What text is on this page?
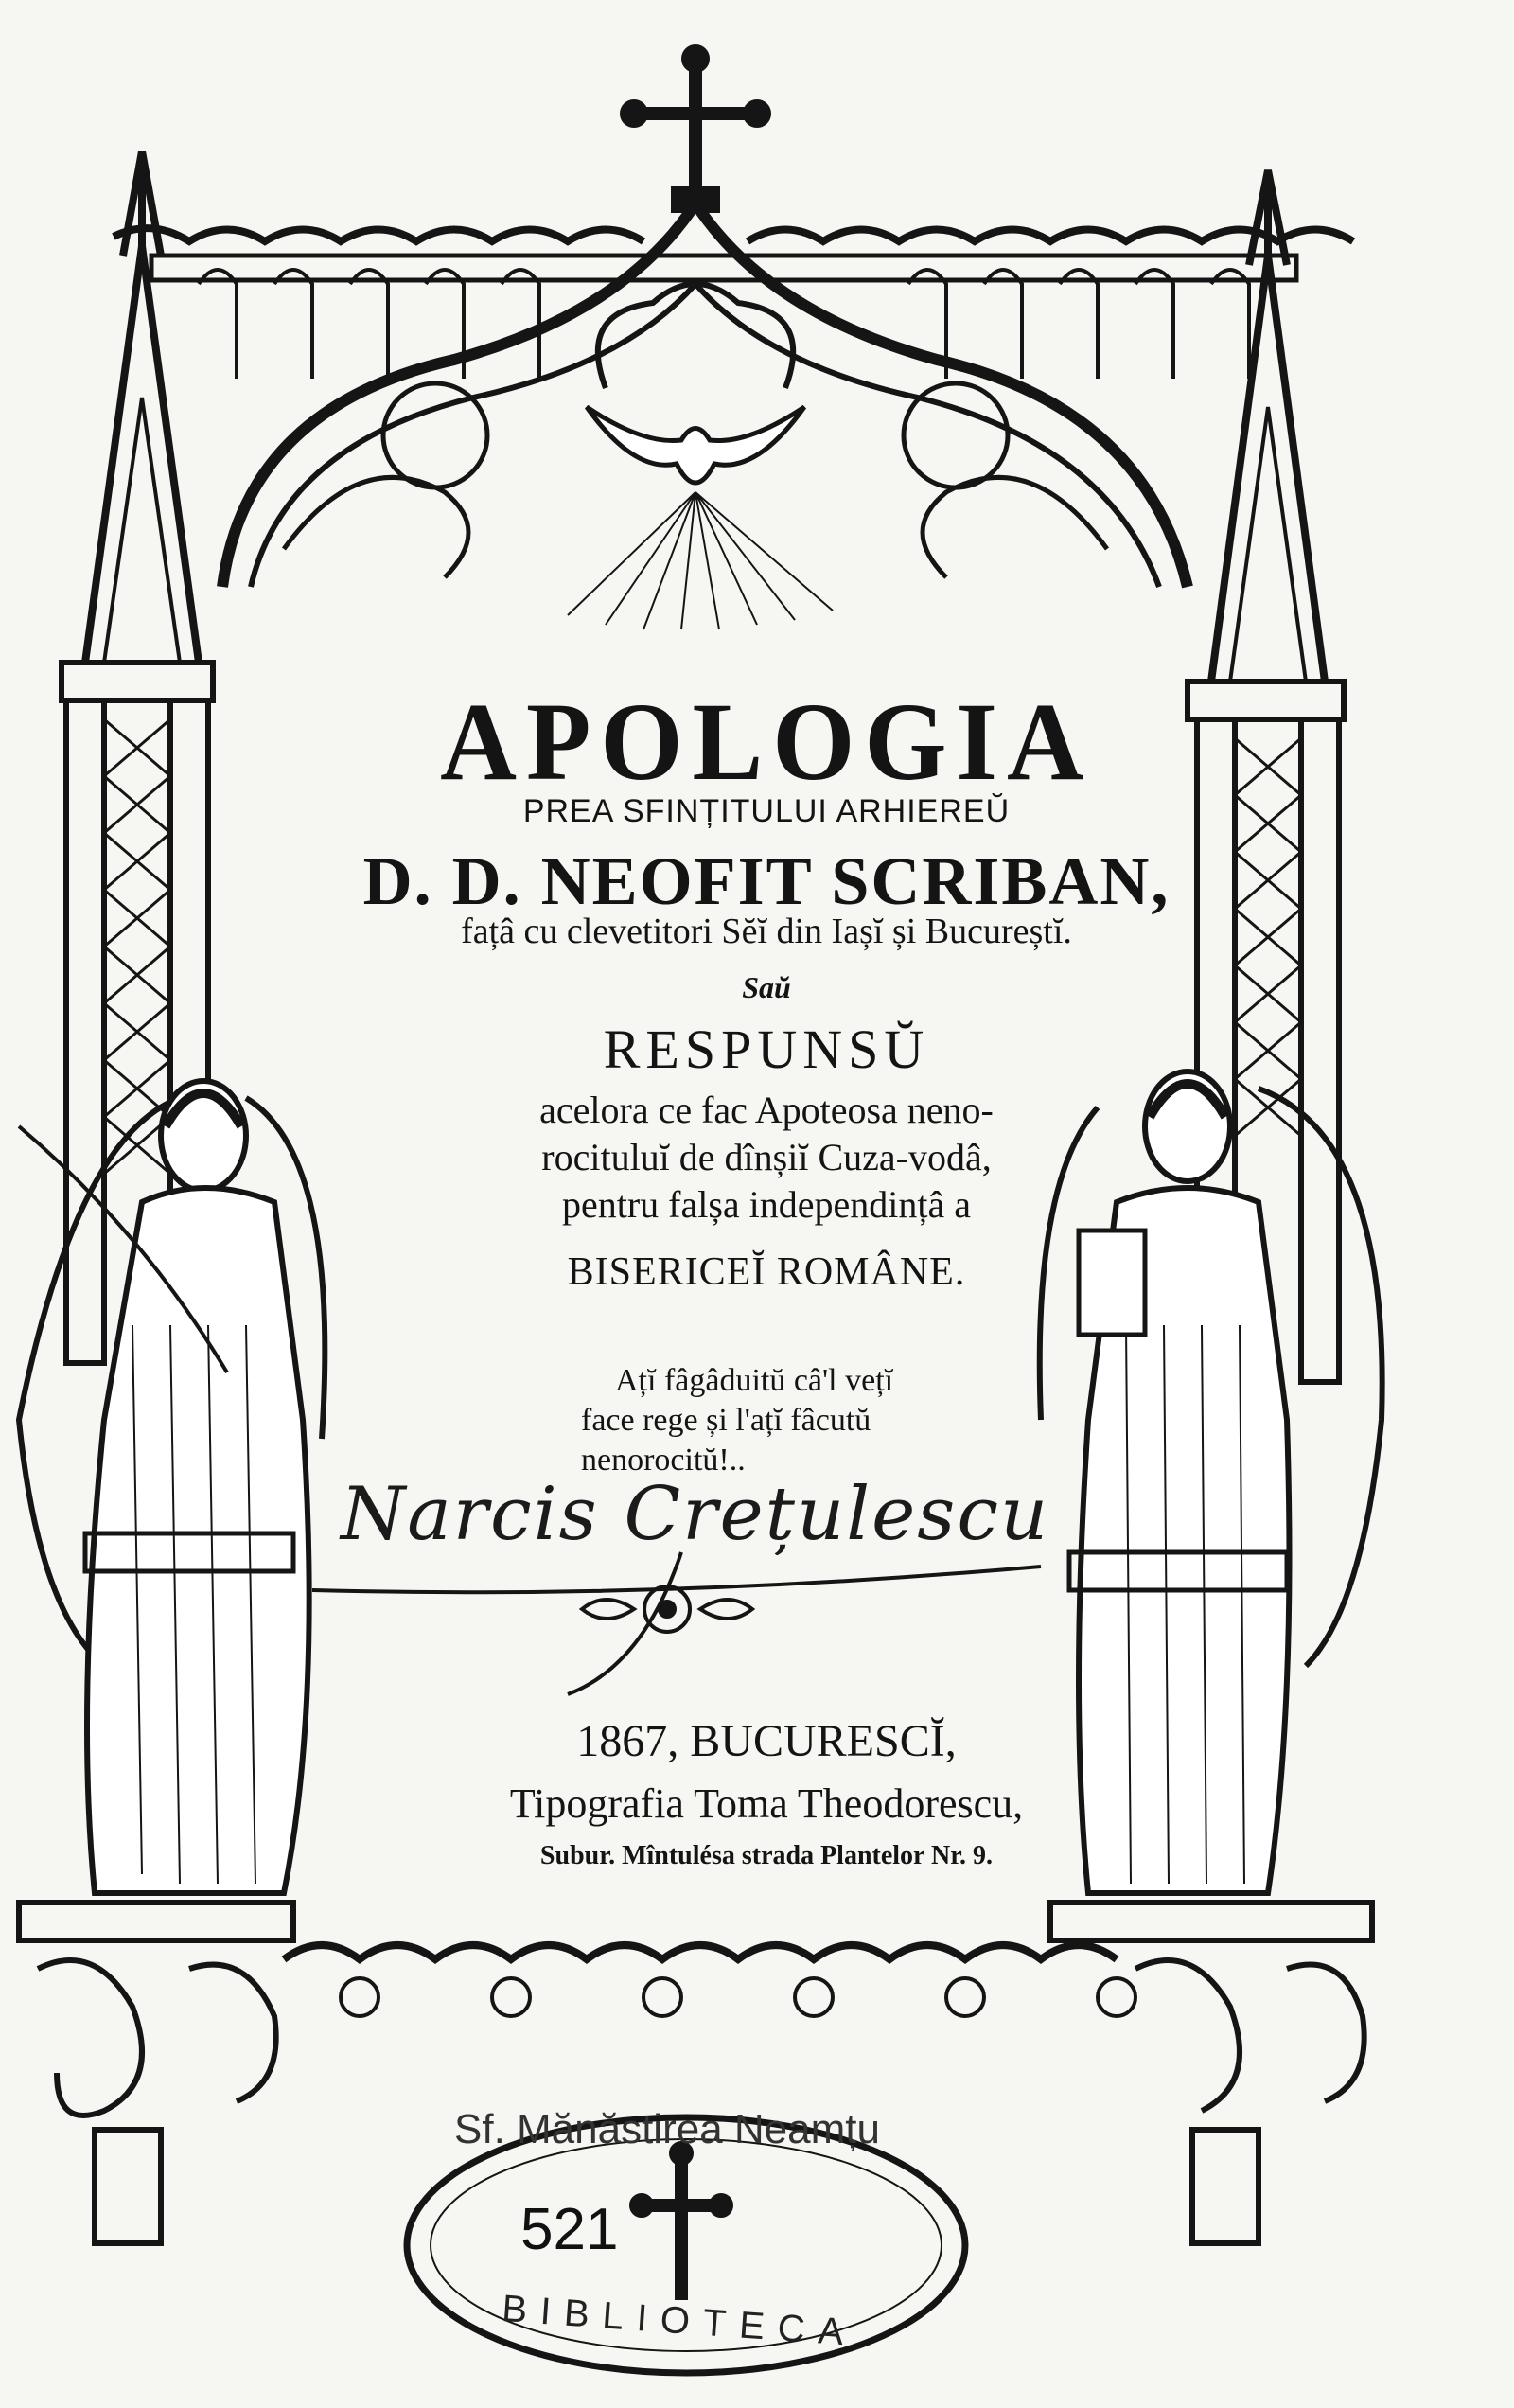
APOLOGIA
PREA SFINȚITULUI ARHIEREŬ
D. D. NEOFIT SCRIBAN,
fațâ cu clevetitori Sĕĭ din Iașĭ și Bucureștĭ.
Saŭ
RESPUNSŬ
acelora ce fac Apoteosa neno-
rocituluĭ de dînșiĭ Cuza-vodâ,
pentru falșa independințâ a
BISERICEĬ ROMÂNE.
Ațĭ fâgâduitŭ câ'l vețĭ
face rege și l'ațĭ fâcutŭ
nenorocitŭ!..
Narcis Crețulescu
1867, BUCURESCĬ,
Tipografia Toma Theodorescu,
Subur. Mîntulésa strada Plantelor Nr. 9.
Sf. Mănăstirea Neamțu
521
BIBLIOTECA
